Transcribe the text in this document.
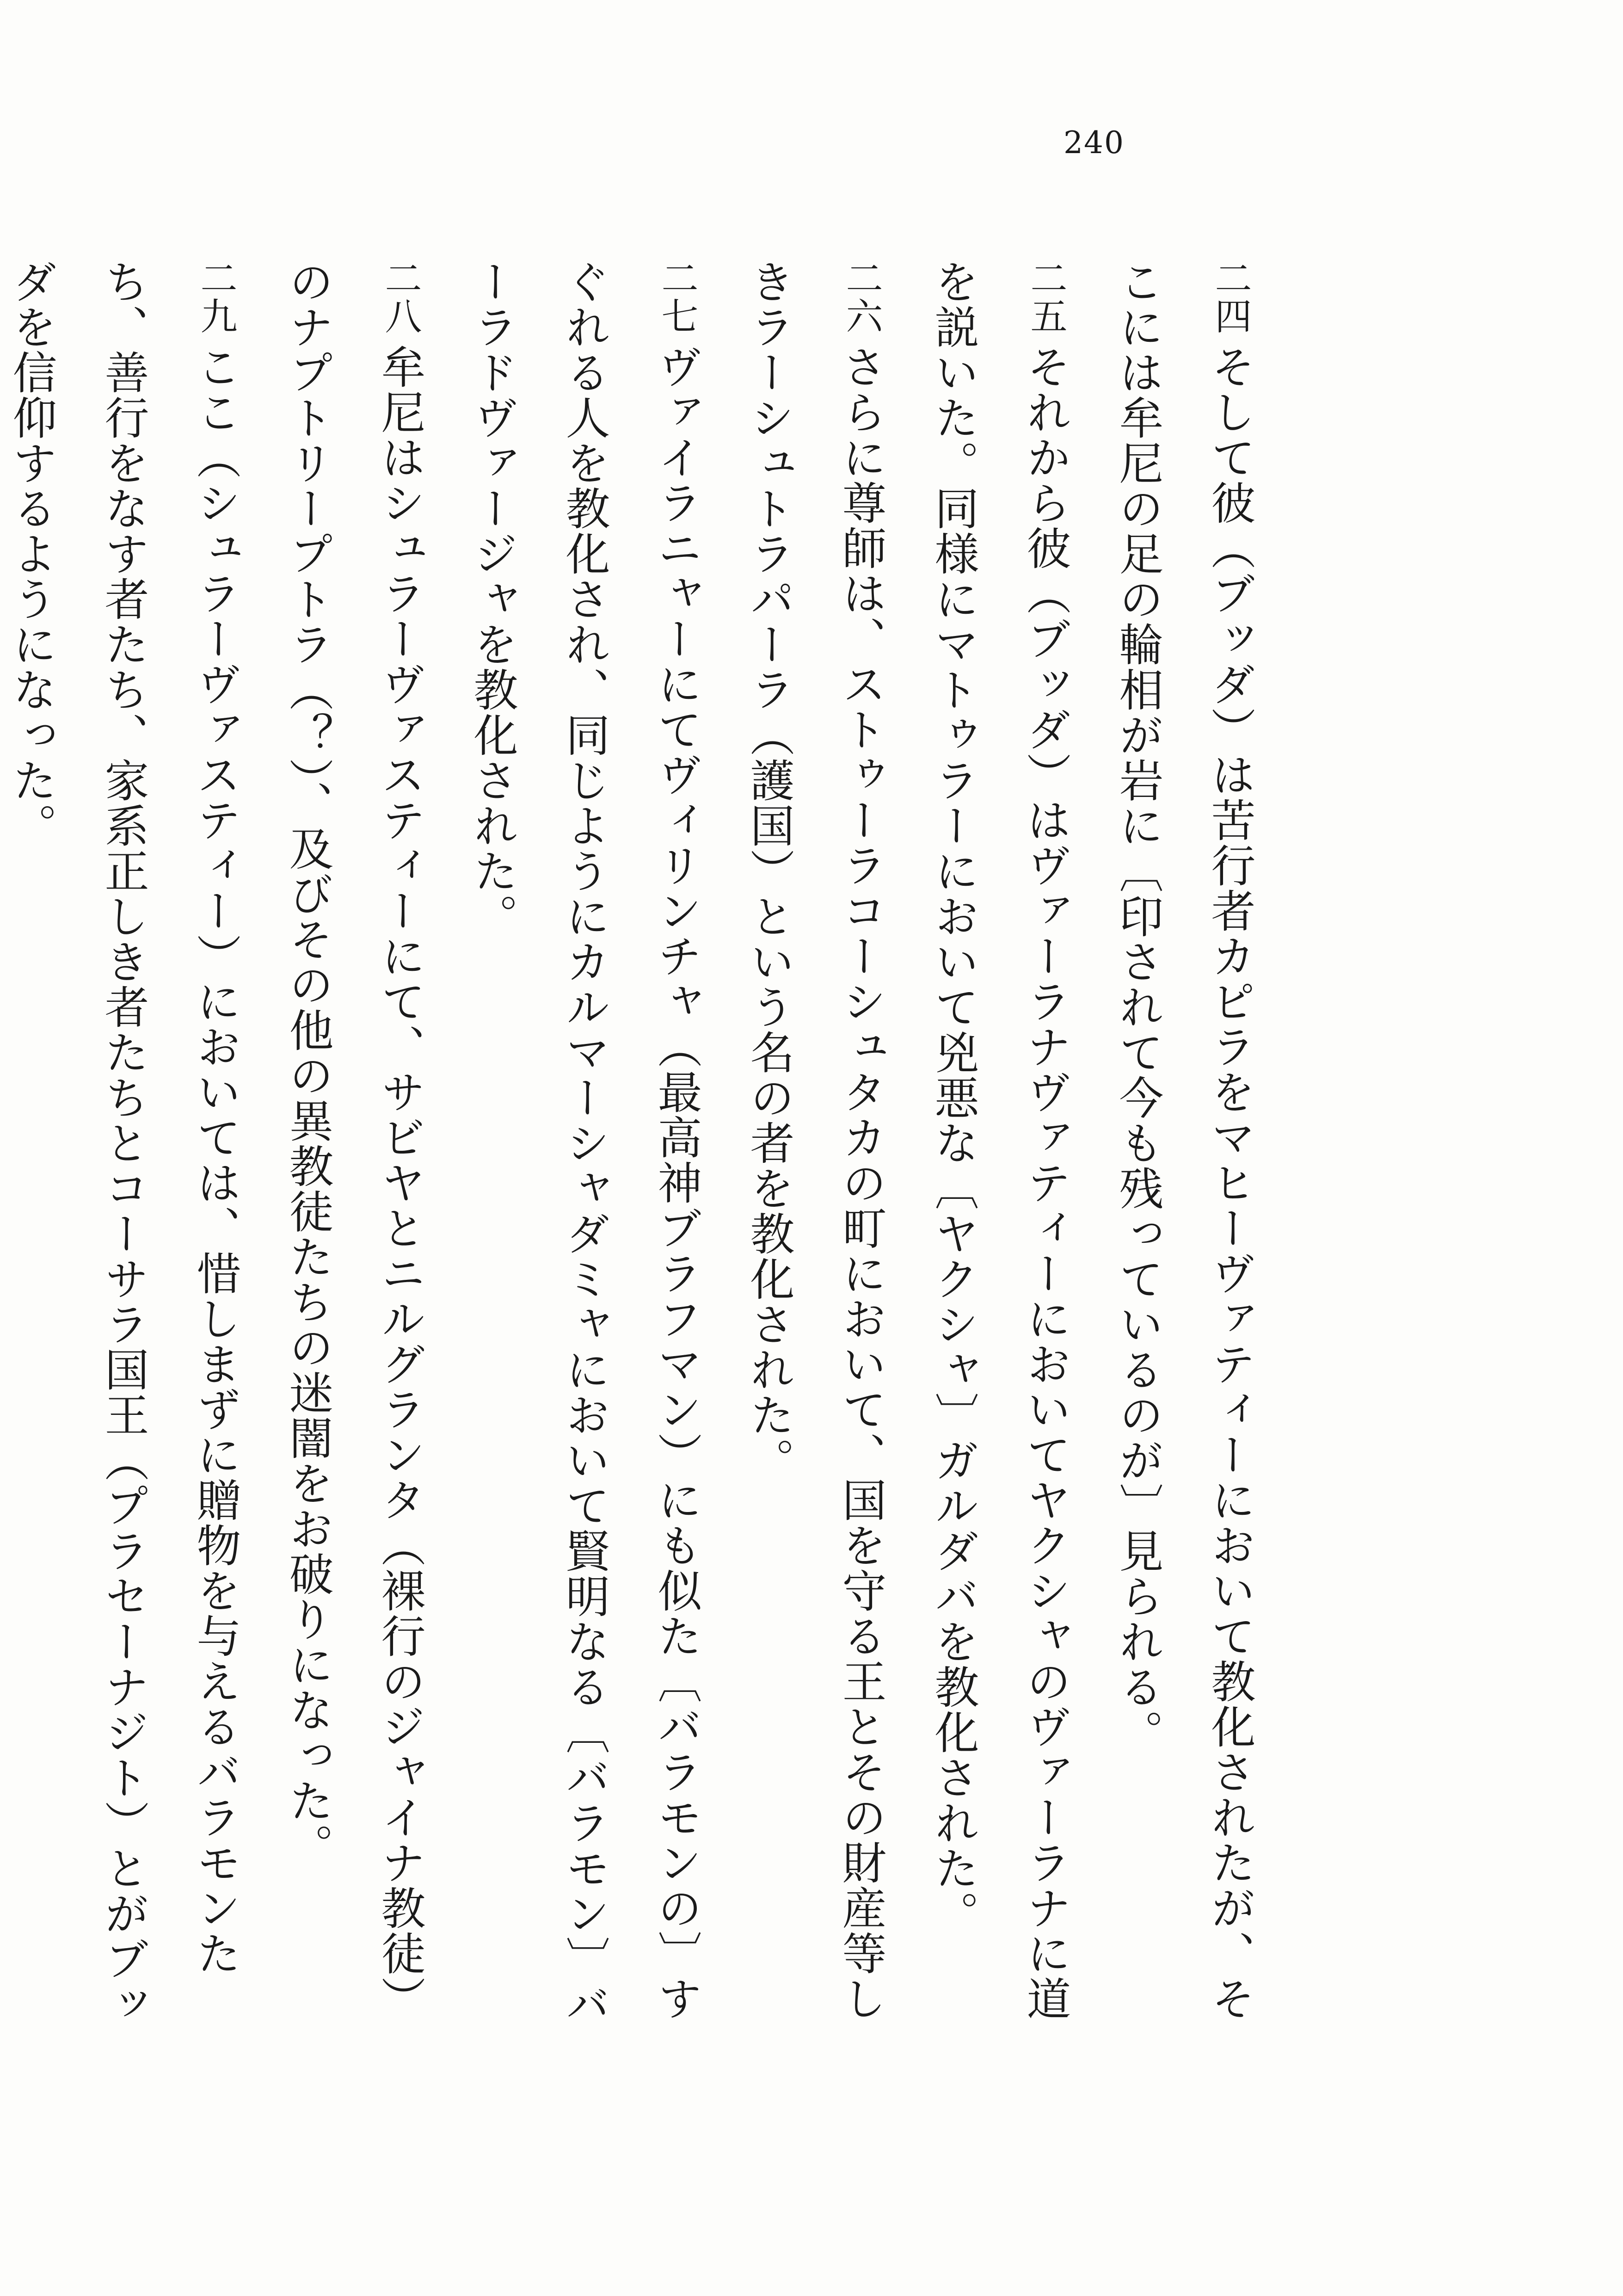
240

二四そして彼（ブッダ）は苦行者カピラをマヒーヴァティーにおいて教化されたが、そこには牟尼の足の輪相が岩に〔印されて今も残っているのが〕見られる。

二五それから彼（ブッダ）はヴァーラナヴァティーにおいてヤクシャのヴァーラナに道を説いた。同様にマトゥラーにおいて兇悪な〔ヤクシャ〕ガルダバを教化された。

二六さらに尊師は、ストゥーラコーシュタカの町において、国を守る王とその財産等しきラーシュトラパーラ（護国）という名の者を教化された。

二七ヴァイラニャーにてヴィリンチャ（最高神ブラフマン）にも似た〔バラモンの〕すぐれる人を教化され、同じようにカルマーシャダミャにおいて賢明なる〔バラモン〕バーラドヴァージャを教化された。

二八牟尼はシュラーヴァスティーにて、サビヤとニルグランタ（裸行のジャイナ教徒）のナプトリープトラ（？）、及びその他の異教徒たちの迷闇をお破りになった。

二九ここ（シュラーヴァスティー）においては、惜しまずに贈物を与えるバラモンたち、善行をなす者たち、家系正しき者たちとコーサラ国王（プラセーナジト）とがブッダを信仰するようになった。
